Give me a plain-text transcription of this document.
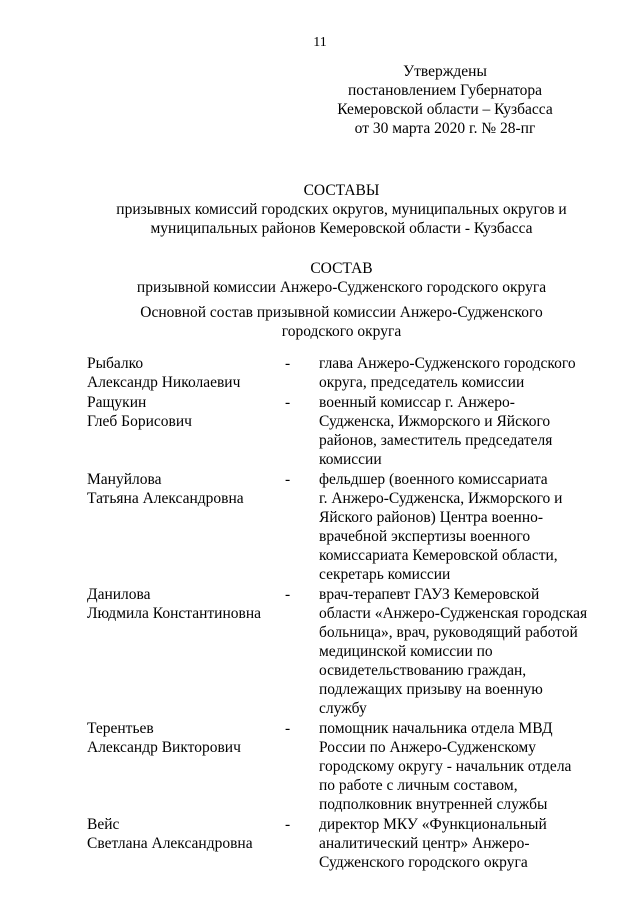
11
Утверждены
постановлением Губернатора
Кемеровской области – Кузбасса
от 30 марта 2020 г. № 28-пг
СОСТАВЫ
призывных комиссий городских округов, муниципальных округов и
муниципальных районов Кемеровской области - Кузбасса
СОСТАВ
призывной комиссии Анжеро-Судженского городского округа
Основной состав призывной комиссии Анжеро-Судженского
городского округа
Рыбалко
Александр Николаевич
-	глава Анжеро-Судженского городского
округа, председатель комиссии
Ращукин
Глеб Борисович
-	военный комиссар г. Анжеро-
Судженска, Ижморского и Яйского
районов, заместитель председателя
комиссии
Мануйлова
Татьяна Александровна
-	фельдшер (военного комиссариата
г. Анжеро-Судженска, Ижморского и
Яйского районов) Центра военно-
врачебной экспертизы военного
комиссариата Кемеровской области,
секретарь комиссии
Данилова
Людмила Константиновна
-	врач-терапевт ГАУЗ Кемеровской
области «Анжеро-Судженская городская
больница», врач, руководящий работой
медицинской комиссии по
освидетельствованию граждан,
подлежащих призыву на военную
службу
Терентьев
Александр Викторович
-	помощник начальника отдела МВД
России по Анжеро-Судженскому
городскому округу - начальник отдела
по работе с личным составом,
подполковник внутренней службы
Вейс
Светлана Александровна
-	директор МКУ «Функциональный
аналитический центр» Анжеро-
Судженского городского округа
